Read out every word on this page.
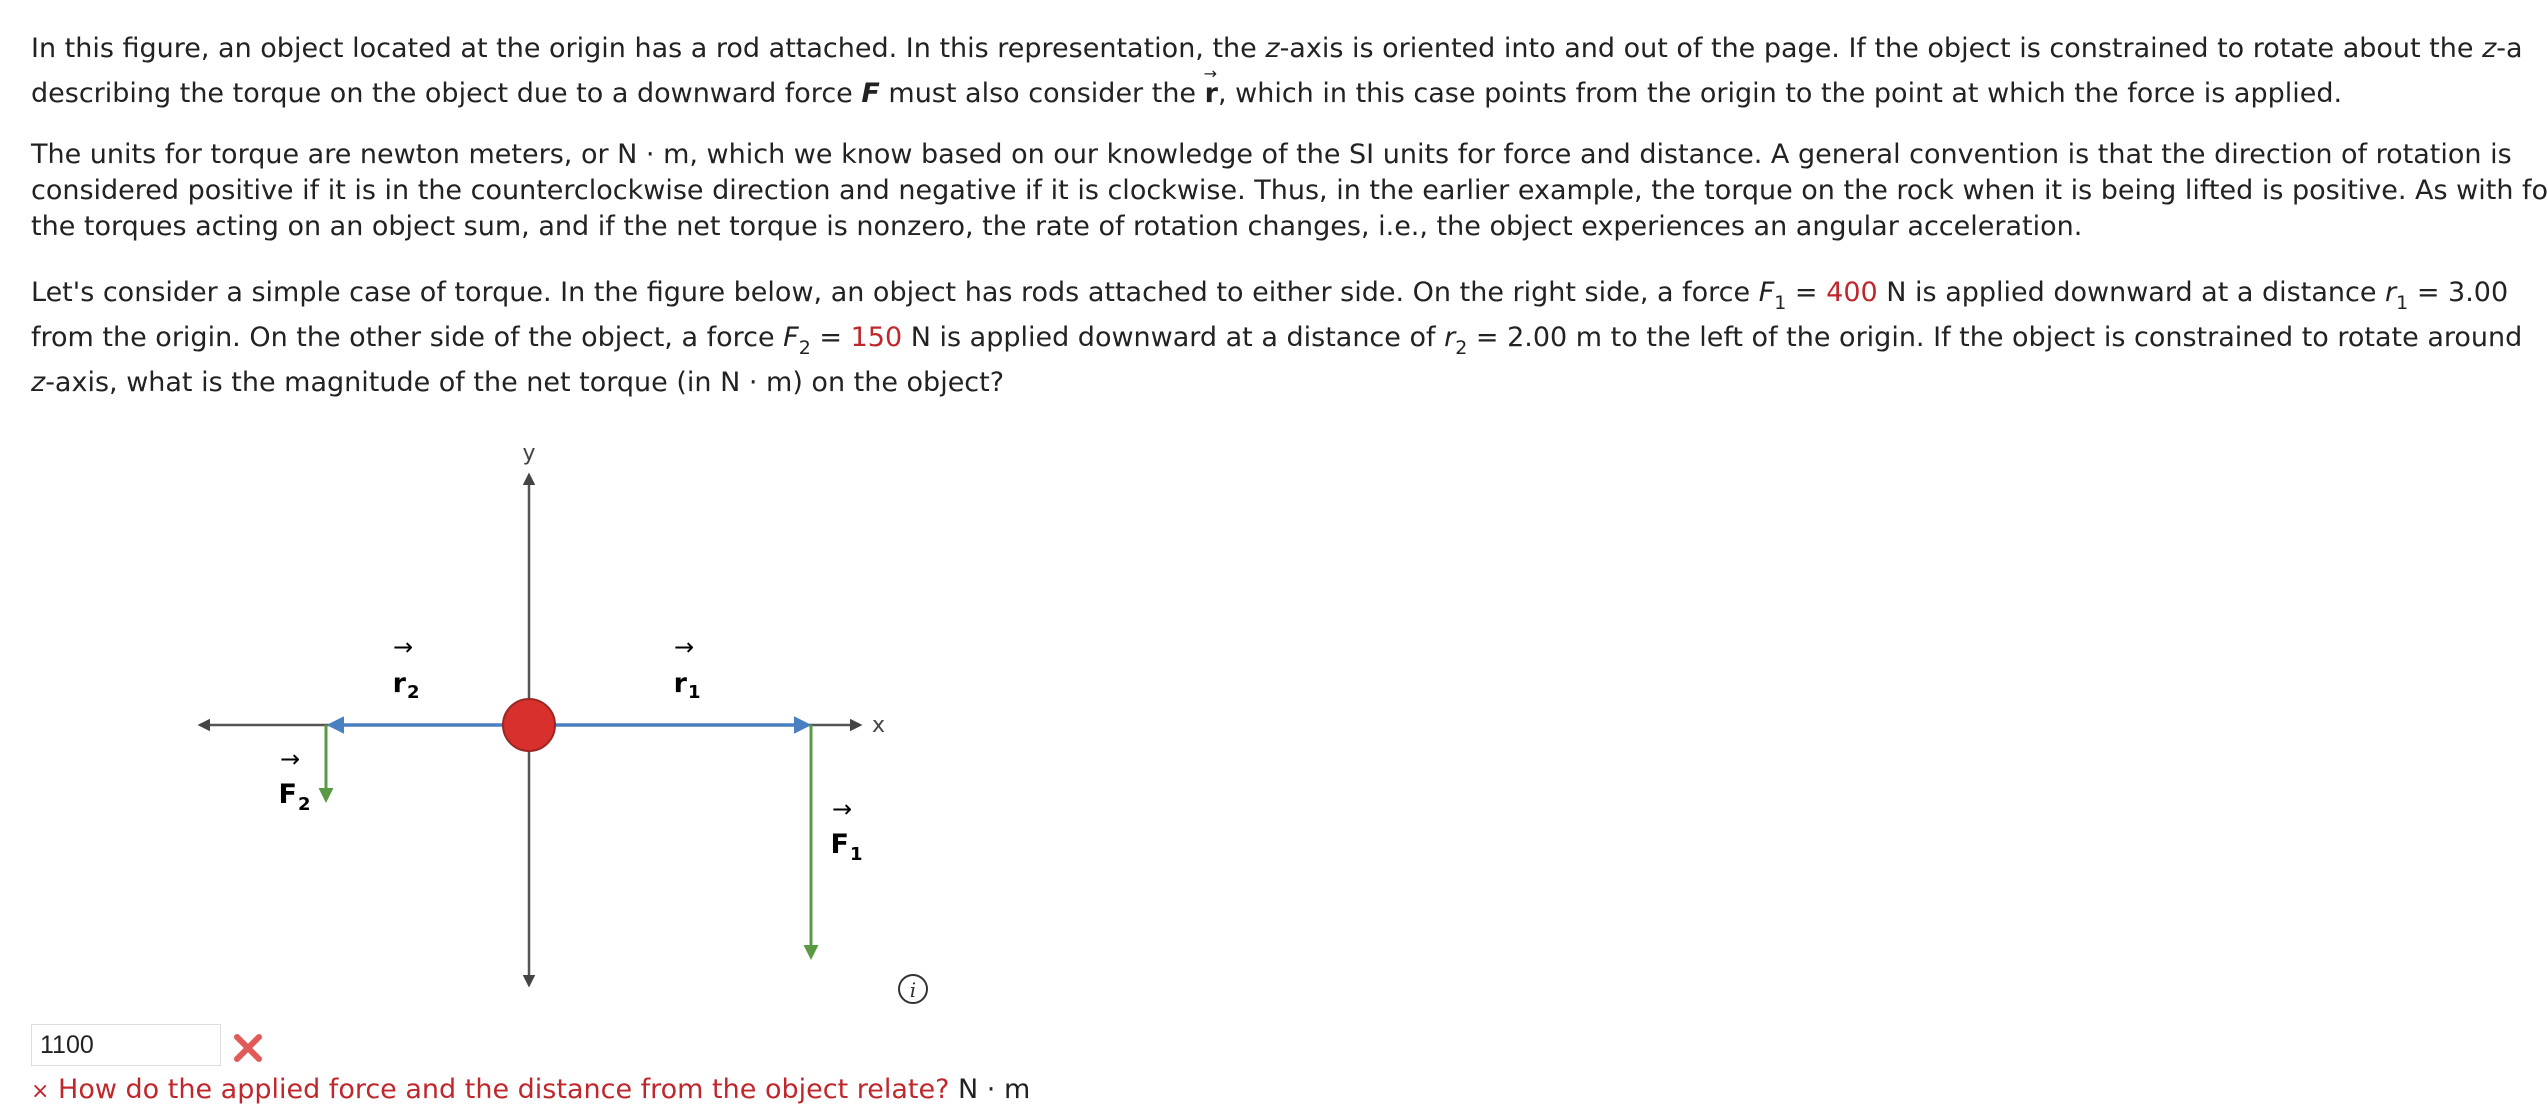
In this figure, an object located at the origin has a rod attached. In this representation, the z-axis is oriented into and out of the page. If the object is constrained to rotate about the z-a
describing the torque on the object due to a downward force F must also consider the → r, which in this case points from the origin to the point at which the force is applied.

The units for torque are newton meters, or N · m, which we know based on our knowledge of the SI units for force and distance. A general convention is that the direction of rotation is
considered positive if it is in the counterclockwise direction and negative if it is clockwise. Thus, in the earlier example, the torque on the rock when it is being lifted is positive. As with fo
the torques acting on an object sum, and if the net torque is nonzero, the rate of rotation changes, i.e., the object experiences an angular acceleration.

Let's consider a simple case of torque. In the figure below, an object has rods attached to either side. On the right side, a force $F_1 = 400$ N is applied downward at a distance $r_1 = 3.00$
from the origin. On the other side of the object, a force $F_2 = 150$ N is applied downward at a distance of $r_2 = 2.00$ m to the left of the origin. If the object is constrained to rotate around
z-axis, what is the magnitude of the net torque (in N · m) on the object?

y
x
→
r 2
→
r 1
→
F 2	→
F 1
i
1100

× How do the applied force and the distance from the object relate? N · m
